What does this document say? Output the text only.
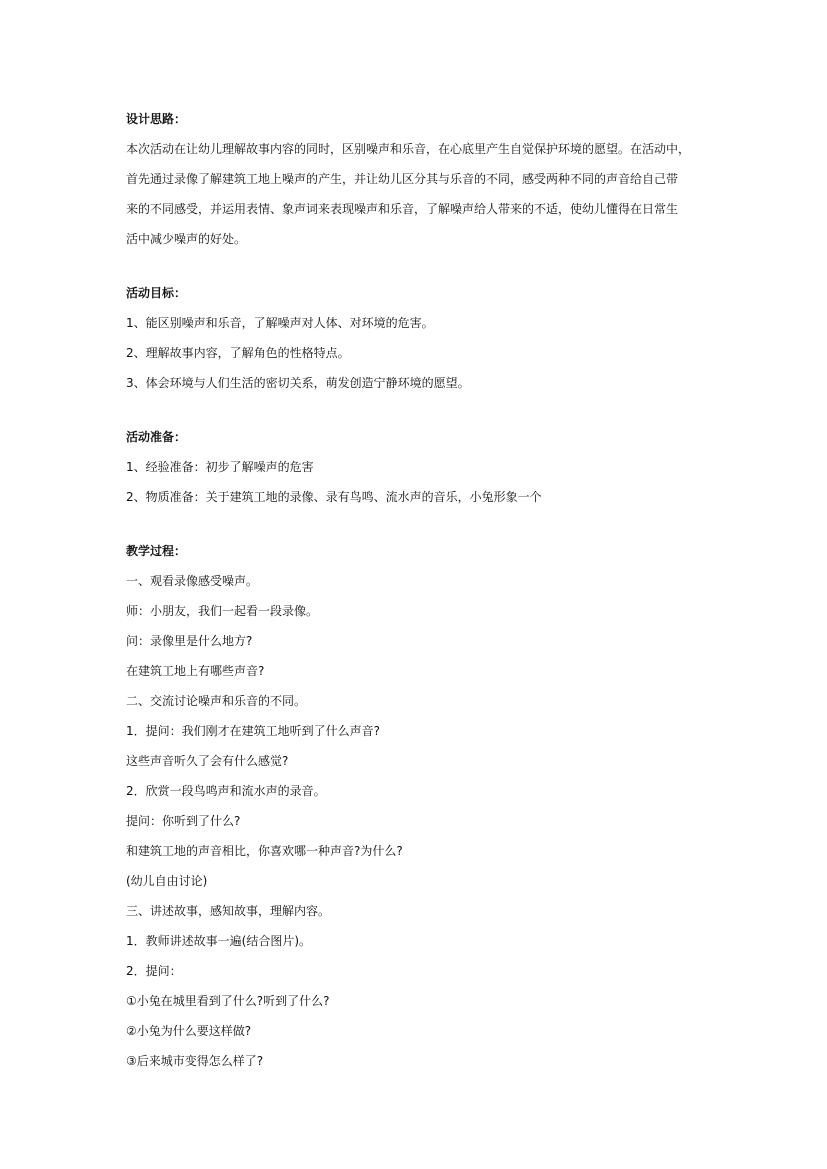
设计思路：
本次活动在让幼儿理解故事内容的同时，区别噪声和乐音，在心底里产生自觉保护环境的愿望。在活动中，
首先通过录像了解建筑工地上噪声的产生，并让幼儿区分其与乐音的不同，感受两种不同的声音给自己带
来的不同感受，并运用表情、象声词来表现噪声和乐音，了解噪声给人带来的不适，使幼儿懂得在日常生
活中减少噪声的好处。
活动目标：
1、能区别噪声和乐音，了解噪声对人体、对环境的危害。
2、理解故事内容，了解角色的性格特点。
3、体会环境与人们生活的密切关系，萌发创造宁静环境的愿望。
活动准备：
1、经验准备：初步了解噪声的危害
2、物质准备：关于建筑工地的录像、录有鸟鸣、流水声的音乐，小兔形象一个
教学过程：
一、观看录像感受噪声。
师：小朋友，我们一起看一段录像。
问：录像里是什么地方?
在建筑工地上有哪些声音?
二、交流讨论噪声和乐音的不同。
1．提问：我们刚才在建筑工地听到了什么声音?
这些声音听久了会有什么感觉?
2．欣赏一段鸟鸣声和流水声的录音。
提问：你听到了什么?
和建筑工地的声音相比，你喜欢哪一种声音?为什么?
(幼儿自由讨论)
三、讲述故事，感知故事，理解内容。
1．教师讲述故事一遍(结合图片)。
2．提问：
①小兔在城里看到了什么?听到了什么?
②小兔为什么要这样做?
③后来城市变得怎么样了?
